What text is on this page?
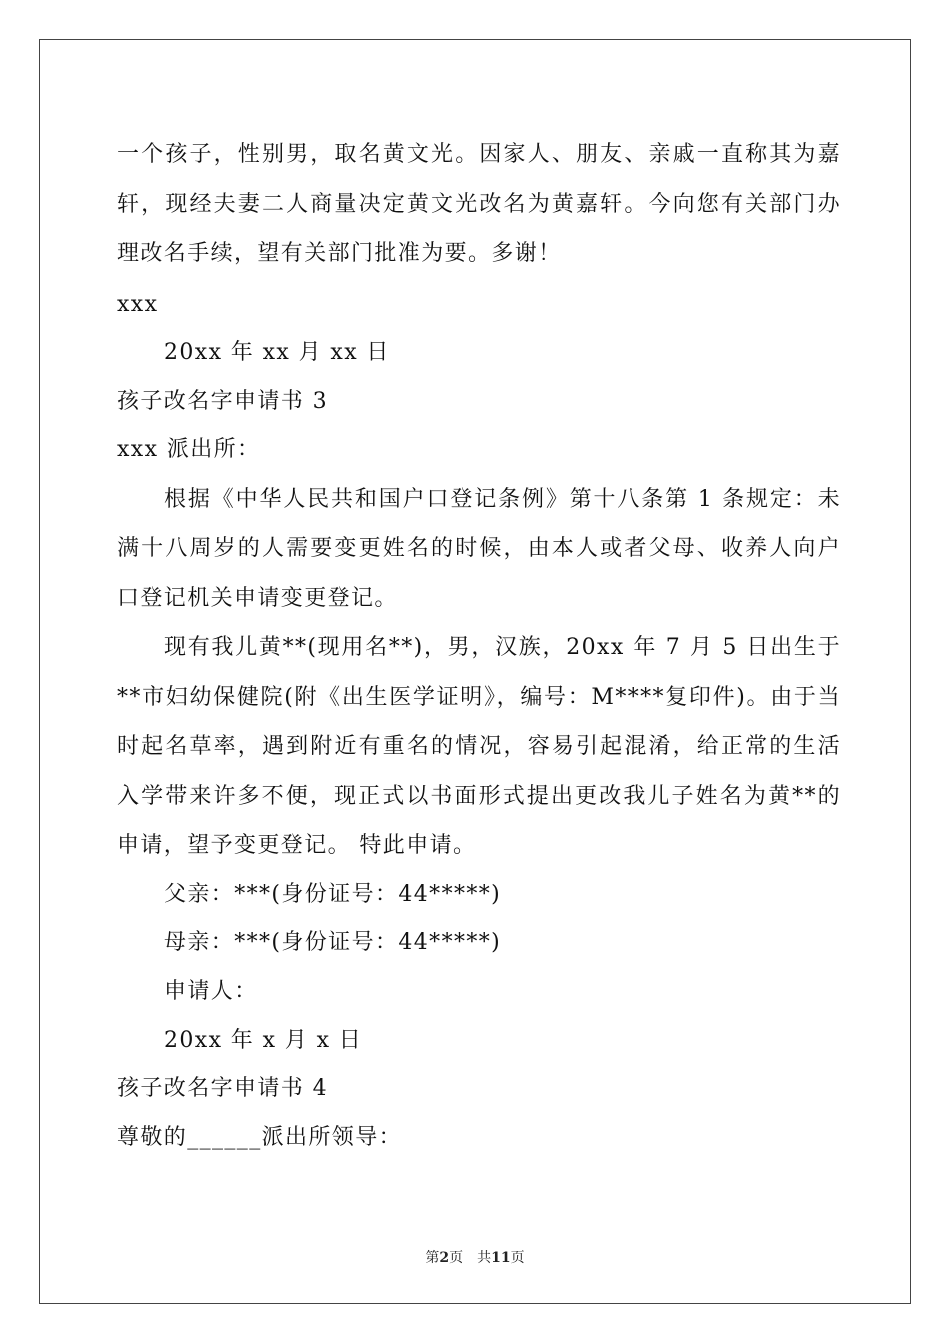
一个孩子，性别男，取名黄文光。因家人、朋友、亲戚一直称其为嘉轩，现经夫妻二人商量决定黄文光改名为黄嘉轩。今向您有关部门办理改名手续，望有关部门批准为要。多谢！
xxx
20xx 年 xx 月 xx 日
孩子改名字申请书 3
xxx 派出所：
根据《中华人民共和国户口登记条例》第十八条第 1 条规定：未满十八周岁的人需要变更姓名的时候，由本人或者父母、收养人向户口登记机关申请变更登记。
现有我儿黄**(现用名**)，男，汉族，20xx 年 7 月 5 日出生于**市妇幼保健院(附《出生医学证明》，编号：M****复印件)。由于当时起名草率，遇到附近有重名的情况，容易引起混淆，给正常的生活入学带来许多不便，现正式以书面形式提出更改我儿子姓名为黄**的申请，望予变更登记。 特此申请。
父亲：***(身份证号：44*****)
母亲：***(身份证号：44*****)
申请人：
20xx 年 x 月 x 日
孩子改名字申请书 4
尊敬的______派出所领导：
第2页　共11页
